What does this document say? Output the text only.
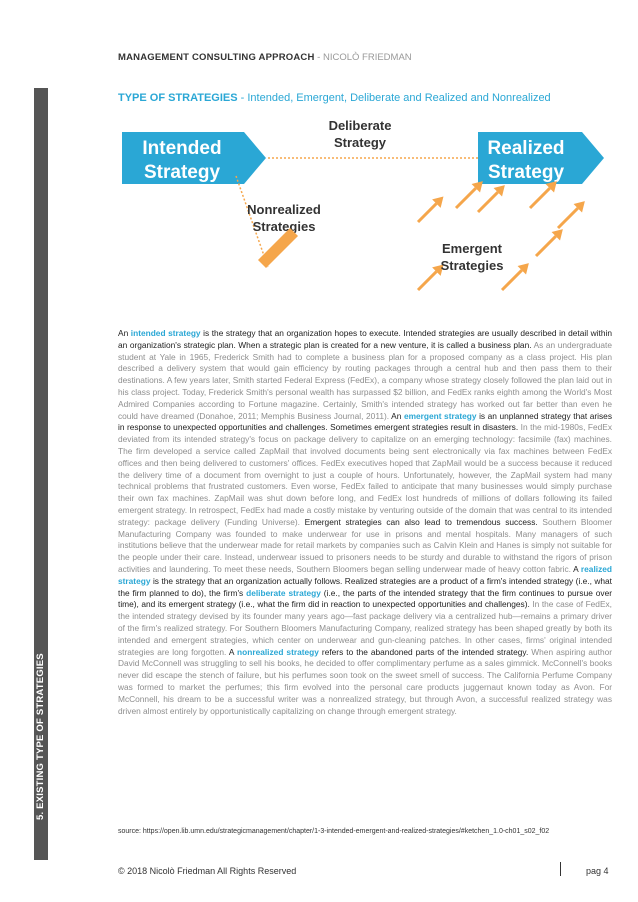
5. EXISTING TYPE OF STRATEGIES
MANAGEMENT CONSULTING APPROACH - NICOLÒ FRIEDMAN
TYPE OF STRATEGIES - Intended, Emergent, Deliberate and Realized and Nonrealized
Intended
Strategy
Deliberate
Strategy	Realized
Strategy
Nonrealized
Strategies
Emergent
Strategies
An intended strategy is the strategy that an organization hopes to execute. Intended strategies are usually described in detail within an organization's strategic plan. When a strategic plan is created for a new venture, it is called a business plan. As an undergraduate student at Yale in 1965, Frederick Smith had to complete a business plan for a proposed company as a class project. His plan described a delivery system that would gain efficiency by routing packages through a central hub and then pass them to their destinations. A few years later, Smith started Federal Express (FedEx), a company whose strategy closely followed the plan laid out in his class project. Today, Frederick Smith's personal wealth has surpassed $2 billion, and FedEx ranks eighth among the World's Most Admired Companies according to Fortune magazine. Certainly, Smith's intended strategy has worked out far better than even he could have dreamed (Donahoe, 2011; Memphis Business Journal, 2011). An emergent strategy is an unplanned strategy that arises in response to unexpected opportunities and challenges. Sometimes emergent strategies result in disasters. In the mid-1980s, FedEx deviated from its intended strategy's focus on package delivery to capitalize on an emerging technology: facsimile (fax) machines. The firm developed a service called ZapMail that involved documents being sent electronically via fax machines between FedEx offices and then being delivered to customers' offices. FedEx executives hoped that ZapMail would be a success because it reduced the delivery time of a document from overnight to just a couple of hours. Unfortunately, however, the ZapMail system had many technical problems that frustrated customers. Even worse, FedEx failed to anticipate that many businesses would simply purchase their own fax machines. ZapMail was shut down before long, and FedEx lost hundreds of millions of dollars following its failed emergent strategy. In retrospect, FedEx had made a costly mistake by venturing outside of the domain that was central to its intended strategy: package delivery (Funding Universe). Emergent strategies can also lead to tremendous success. Southern Bloomer Manufacturing Company was founded to make underwear for use in prisons and mental hospitals. Many managers of such institutions believe that the underwear made for retail markets by companies such as Calvin Klein and Hanes is simply not suitable for the people under their care. Instead, underwear issued to prisoners needs to be sturdy and durable to withstand the rigors of prison activities and laundering. To meet these needs, Southern Bloomers began selling underwear made of heavy cotton fabric. A realized strategy is the strategy that an organization actually follows. Realized strategies are a product of a firm's intended strategy (i.e., what the firm planned to do), the firm's deliberate strategy (i.e., the parts of the intended strategy that the firm continues to pursue over time), and its emergent strategy (i.e., what the firm did in reaction to unexpected opportunities and challenges). In the case of FedEx, the intended strategy devised by its founder many years ago—fast package delivery via a centralized hub—remains a primary driver of the firm's realized strategy. For Southern Bloomers Manufacturing Company, realized strategy has been shaped greatly by both its intended and emergent strategies, which center on underwear and gun-cleaning patches. In other cases, firms' original intended strategies are long forgotten. A nonrealized strategy refers to the abandoned parts of the intended strategy. When aspiring author David McConnell was struggling to sell his books, he decided to offer complimentary perfume as a sales gimmick. McConnell's books never did escape the stench of failure, but his perfumes soon took on the sweet smell of success. The California Perfume Company was formed to market the perfumes; this firm evolved into the personal care products juggernaut known today as Avon. For McConnell, his dream to be a successful writer was a nonrealized strategy, but through Avon, a successful realized strategy was driven almost entirely by opportunistically capitalizing on change through emergent strategy.
source: https://open.lib.umn.edu/strategicmanagement/chapter/1-3-intended-emergent-and-realized-strategies/#ketchen_1.0-ch01_s02_f02
© 2018 Nicolò Friedman All Rights Reserved	pag 4
